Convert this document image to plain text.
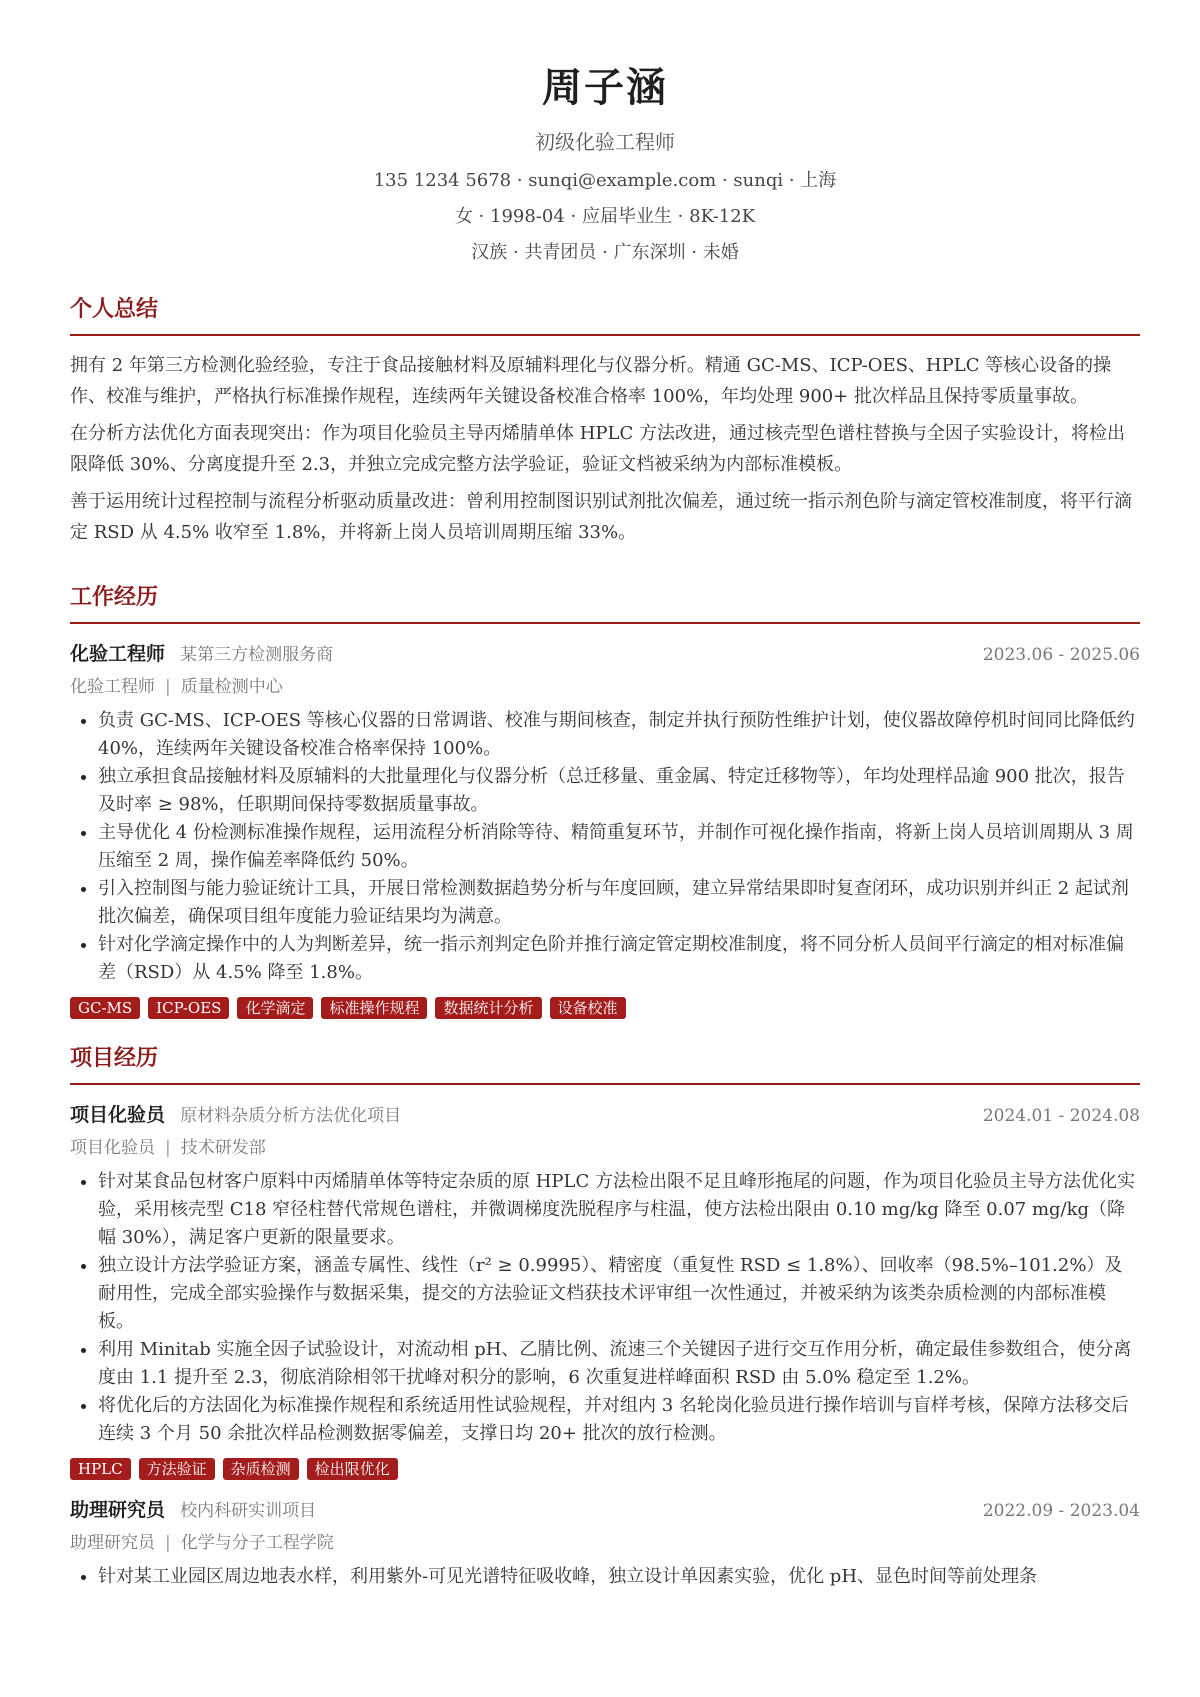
周子涵
初级化验工程师
135 1234 5678 · sunqi@example.com · sunqi · 上海
女 · 1998-04 · 应届毕业生 · 8K-12K
汉族 · 共青团员 · 广东深圳 · 未婚
个人总结

拥有 2 年第三方检测化验经验，专注于食品接触材料及原辅料理化与仪器分析。精通 GC-MS、ICP-OES、HPLC 等核心设备的操作、校准与维护，严格执行标准操作规程，连续两年关键设备校准合格率 100%，年均处理 900+ 批次样品且保持零质量事故。

在分析方法优化方面表现突出：作为项目化验员主导丙烯腈单体 HPLC 方法改进，通过核壳型色谱柱替换与全因子实验设计，将检出限降低 30%、分离度提升至 2.3，并独立完成完整方法学验证，验证文档被采纳为内部标准模板。

善于运用统计过程控制与流程分析驱动质量改进：曾利用控制图识别试剂批次偏差，通过统一指示剂色阶与滴定管校准制度，将平行滴定 RSD 从 4.5% 收窄至 1.8%，并将新上岗人员培训周期压缩 33%。

工作经历
化验工程师 某第三方检测服务商	2023.06 - 2025.06
化验工程师 | 质量检测中心
• 负责 GC-MS、ICP-OES 等核心仪器的日常调谐、校准与期间核查，制定并执行预防性维护计划，使仪器故障停机时间同比降低约 40%，连续两年关键设备校准合格率保持 100%。
• 独立承担食品接触材料及原辅料的大批量理化与仪器分析（总迁移量、重金属、特定迁移物等），年均处理样品逾 900 批次，报告及时率 ≥ 98%，任职期间保持零数据质量事故。
• 主导优化 4 份检测标准操作规程，运用流程分析消除等待、精简重复环节，并制作可视化操作指南，将新上岗人员培训周期从 3 周压缩至 2 周，操作偏差率降低约 50%。
• 引入控制图与能力验证统计工具，开展日常检测数据趋势分析与年度回顾，建立异常结果即时复查闭环，成功识别并纠正 2 起试剂批次偏差，确保项目组年度能力验证结果均为满意。
• 针对化学滴定操作中的人为判断差异，统一指示剂判定色阶并推行滴定管定期校准制度，将不同分析人员间平行滴定的相对标准偏差（RSD）从 4.5% 降至 1.8%。
GC-MS	ICP-OES	化学滴定	标准操作规程	数据统计分析	设备校准
项目经历
项目化验员 原材料杂质分析方法优化项目	2024.01 - 2024.08
项目化验员 | 技术研发部
• 针对某食品包材客户原料中丙烯腈单体等特定杂质的原 HPLC 方法检出限不足且峰形拖尾的问题，作为项目化验员主导方法优化实验，采用核壳型 C18 窄径柱替代常规色谱柱，并微调梯度洗脱程序与柱温，使方法检出限由 0.10 mg/kg 降至 0.07 mg/kg（降幅 30%），满足客户更新的限量要求。
• 独立设计方法学验证方案，涵盖专属性、线性（r² ≥ 0.9995）、精密度（重复性 RSD ≤ 1.8%）、回收率（98.5%–101.2%）及耐用性，完成全部实验操作与数据采集，提交的方法验证文档获技术评审组一次性通过，并被采纳为该类杂质检测的内部标准模板。
• 利用 Minitab 实施全因子试验设计，对流动相 pH、乙腈比例、流速三个关键因子进行交互作用分析，确定最佳参数组合，使分离度由 1.1 提升至 2.3，彻底消除相邻干扰峰对积分的影响，6 次重复进样峰面积 RSD 由 5.0% 稳定至 1.2%。
• 将优化后的方法固化为标准操作规程和系统适用性试验规程，并对组内 3 名轮岗化验员进行操作培训与盲样考核，保障方法移交后连续 3 个月 50 余批次样品检测数据零偏差，支撑日均 20+ 批次的放行检测。
HPLC	方法验证	杂质检测	检出限优化
助理研究员 校内科研实训项目	2022.09 - 2023.04
助理研究员 | 化学与分子工程学院
• 针对某工业园区周边地表水样，利用紫外-可见光谱特征吸收峰，独立设计单因素实验，优化 pH、显色时间等前处理条
